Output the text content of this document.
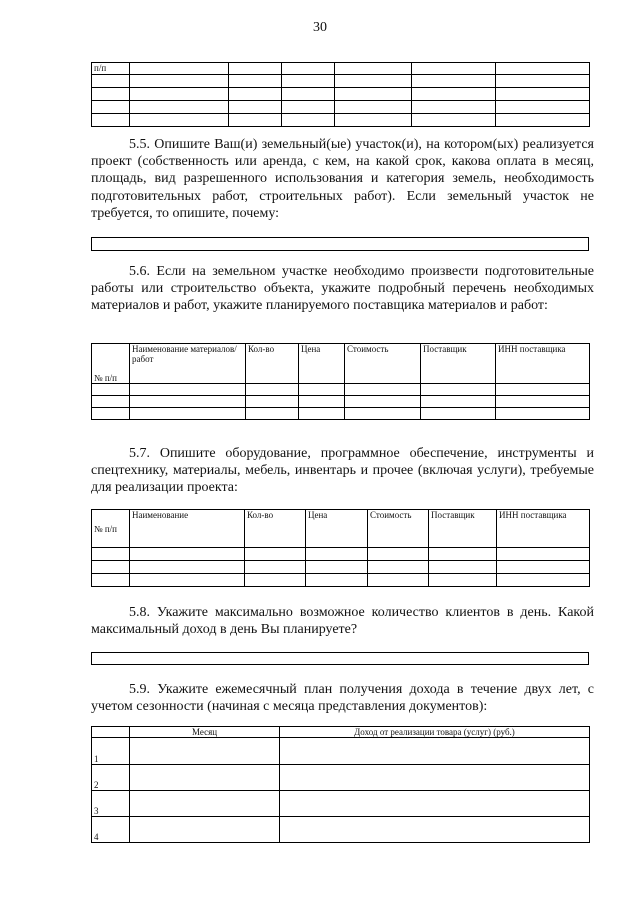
30
п/п						

5.5. Опишите Ваш(и) земельный(ые) участок(и), на котором(ых) реализуется проект (собственность или аренда, с кем, на какой срок, какова оплата в месяц, площадь, вид разрешенного использования и категория земель, необходимость подготовительных работ, строительных работ). Если земельный участок не требуется, то опишите, почему:
5.6. Если на земельном участке необходимо произвести подготовительные работы или строительство объекта, укажите подробный перечень необходимых материалов и работ, укажите планируемого поставщика материалов и работ:
№ п/п	Наименование материалов/работ	Кол-во	Цена	Стоимость	Поставщик	ИНН поставщика

5.7. Опишите оборудование, программное обеспечение, инструменты и спецтехнику, материалы, мебель, инвентарь и прочее (включая услуги), требуемые для реализации проекта:
№ п/п	Наименование	Кол-во	Цена	Стоимость	Поставщик	ИНН поставщика

5.8. Укажите максимально возможное количество клиентов в день. Какой максимальный доход в день Вы планируете?
5.9. Укажите ежемесячный план получения дохода в течение двух лет, с учетом сезонности (начиная с месяца представления документов):
	Месяц	Доход от реализации товара (услуг) (руб.)
1		
2		
3		
4		
